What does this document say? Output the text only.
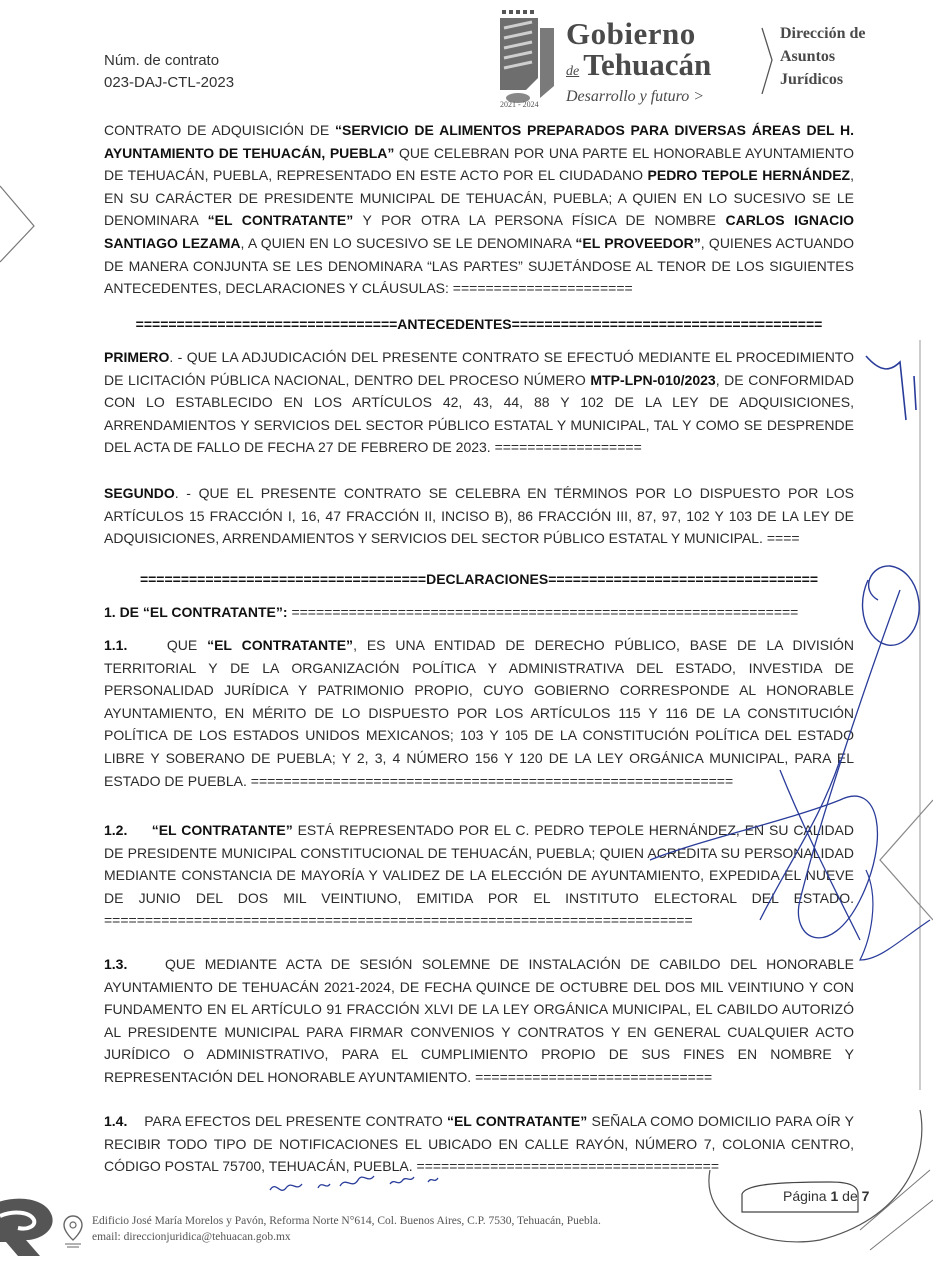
Núm. de contrato
023-DAJ-CTL-2023
Gobierno
de Tehuacán
Desarrollo y futuro >
2021 - 2024
Dirección de
Asuntos
Jurídicos
CONTRATO DE ADQUISICIÓN DE “SERVICIO DE ALIMENTOS PREPARADOS PARA DIVERSAS ÁREAS DEL H. AYUNTAMIENTO DE TEHUACÁN, PUEBLA” QUE CELEBRAN POR UNA PARTE EL HONORABLE AYUNTAMIENTO DE TEHUACÁN, PUEBLA, REPRESENTADO EN ESTE ACTO POR EL CIUDADANO PEDRO TEPOLE HERNÁNDEZ, EN SU CARÁCTER DE PRESIDENTE MUNICIPAL DE TEHUACÁN, PUEBLA; A QUIEN EN LO SUCESIVO SE LE DENOMINARA “EL CONTRATANTE” Y POR OTRA LA PERSONA FÍSICA DE NOMBRE CARLOS IGNACIO SANTIAGO LEZAMA, A QUIEN EN LO SUCESIVO SE LE DENOMINARA “EL PROVEEDOR”, QUIENES ACTUANDO DE MANERA CONJUNTA SE LES DENOMINARA “LAS PARTES” SUJETÁNDOSE AL TENOR DE LOS SIGUIENTES ANTECEDENTES, DECLARACIONES Y CLÁUSULAS: ======================
================================ANTECEDENTES======================================
PRIMERO. - QUE LA ADJUDICACIÓN DEL PRESENTE CONTRATO SE EFECTUÓ MEDIANTE EL PROCEDIMIENTO DE LICITACIÓN PÚBLICA NACIONAL, DENTRO DEL PROCESO NÚMERO MTP-LPN-010/2023, DE CONFORMIDAD CON LO ESTABLECIDO EN LOS ARTÍCULOS 42, 43, 44, 88 Y 102 DE LA LEY DE ADQUISICIONES, ARRENDAMIENTOS Y SERVICIOS DEL SECTOR PÚBLICO ESTATAL Y MUNICIPAL, TAL Y COMO SE DESPRENDE DEL ACTA DE FALLO DE FECHA 27 DE FEBRERO DE 2023. ==================
SEGUNDO. - QUE EL PRESENTE CONTRATO SE CELEBRA EN TÉRMINOS POR LO DISPUESTO POR LOS ARTÍCULOS 15 FRACCIÓN I, 16, 47 FRACCIÓN II, INCISO B), 86 FRACCIÓN III, 87, 97, 102 Y 103 DE LA LEY DE ADQUISICIONES, ARRENDAMIENTOS Y SERVICIOS DEL SECTOR PÚBLICO ESTATAL Y MUNICIPAL. ====
===================================DECLARACIONES=================================
1. DE “EL CONTRATANTE”: ==============================================================
1.1.	QUE “EL CONTRATANTE”, ES UNA ENTIDAD DE DERECHO PÚBLICO, BASE DE LA DIVISIÓN TERRITORIAL Y DE LA ORGANIZACIÓN POLÍTICA Y ADMINISTRATIVA DEL ESTADO, INVESTIDA DE PERSONALIDAD JURÍDICA Y PATRIMONIO PROPIO, CUYO GOBIERNO CORRESPONDE AL HONORABLE AYUNTAMIENTO, EN MÉRITO DE LO DISPUESTO POR LOS ARTÍCULOS 115 Y 116 DE LA CONSTITUCIÓN POLÍTICA DE LOS ESTADOS UNIDOS MEXICANOS; 103 Y 105 DE LA CONSTITUCIÓN POLÍTICA DEL ESTADO LIBRE Y SOBERANO DE PUEBLA; Y 2, 3, 4 NÚMERO 156 Y 120 DE LA LEY ORGÁNICA MUNICIPAL, PARA EL ESTADO DE PUEBLA. ===========================================================
1.2. “EL CONTRATANTE” ESTÁ REPRESENTADO POR EL C. PEDRO TEPOLE HERNÁNDEZ, EN SU CALIDAD DE PRESIDENTE MUNICIPAL CONSTITUCIONAL DE TEHUACÁN, PUEBLA; QUIEN ACREDITA SU PERSONALIDAD MEDIANTE CONSTANCIA DE MAYORÍA Y VALIDEZ DE LA ELECCIÓN DE AYUNTAMIENTO, EXPEDIDA EL NUEVE DE JUNIO DEL DOS MIL VEINTIUNO, EMITIDA POR EL INSTITUTO ELECTORAL DEL ESTADO. ========================================================================
1.3.	QUE MEDIANTE ACTA DE SESIÓN SOLEMNE DE INSTALACIÓN DE CABILDO DEL HONORABLE AYUNTAMIENTO DE TEHUACÁN 2021-2024, DE FECHA QUINCE DE OCTUBRE DEL DOS MIL VEINTIUNO Y CON FUNDAMENTO EN EL ARTÍCULO 91 FRACCIÓN XLVI DE LA LEY ORGÁNICA MUNICIPAL, EL CABILDO AUTORIZÓ AL PRESIDENTE MUNICIPAL PARA FIRMAR CONVENIOS Y CONTRATOS Y EN GENERAL CUALQUIER ACTO JURÍDICO O ADMINISTRATIVO, PARA EL CUMPLIMIENTO PROPIO DE SUS FINES EN NOMBRE Y REPRESENTACIÓN DEL HONORABLE AYUNTAMIENTO. =============================
1.4. PARA EFECTOS DEL PRESENTE CONTRATO “EL CONTRATANTE” SEÑALA COMO DOMICILIO PARA OÍR Y RECIBIR TODO TIPO DE NOTIFICACIONES EL UBICADO EN CALLE RAYÓN, NÚMERO 7, COLONIA CENTRO, CÓDIGO POSTAL 75700, TEHUACÁN, PUEBLA. =====================================
Página 1 de 7
Edificio José María Morelos y Pavón, Reforma Norte N°614, Col. Buenos Aires, C.P. 7530, Tehuacán, Puebla.
email: direccionjuridica@tehuacan.gob.mx
